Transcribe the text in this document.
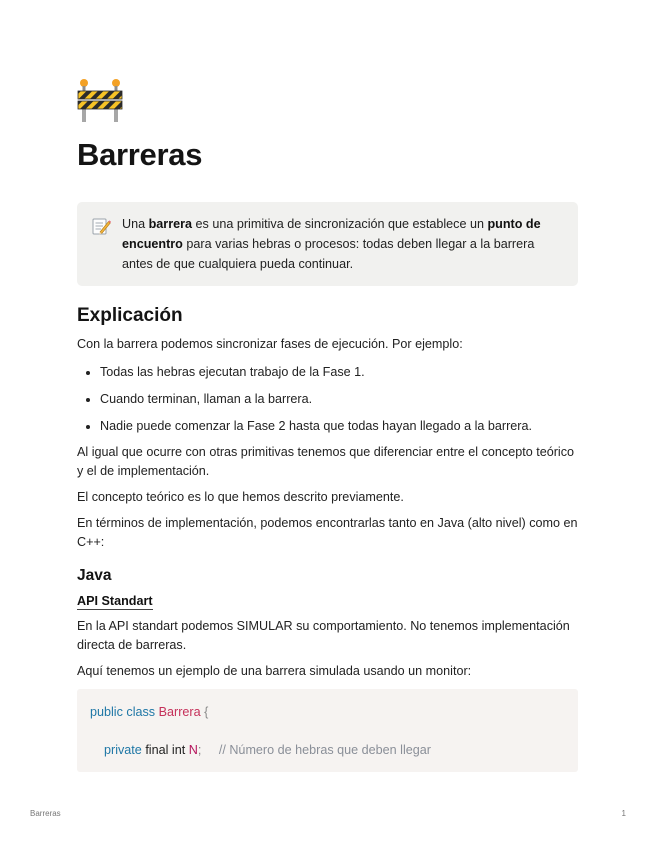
Barreras
Una barrera es una primitiva de sincronización que establece un punto de encuentro para varias hebras o procesos: todas deben llegar a la barrera antes de que cualquiera pueda continuar.
Explicación

Con la barrera podemos sincronizar fases de ejecución. Por ejemplo:

• Todas las hebras ejecutan trabajo de la Fase 1.
• Cuando terminan, llaman a la barrera.
• Nadie puede comenzar la Fase 2 hasta que todas hayan llegado a la barrera.

Al igual que ocurre con otras primitivas tenemos que diferenciar entre el concepto teórico y el de implementación.

El concepto teórico es lo que hemos descrito previamente.

En términos de implementación, podemos encontrarlas tanto en Java (alto nivel) como en C++:

Java
API Standart

En la API standart podemos SIMULAR su comportamiento. No tenemos implementación directa de barreras.

Aquí tenemos un ejemplo de una barrera simulada usando un monitor:

public class Barrera {
private final int N; // Número de hebras que deben llegar
Barreras	1
